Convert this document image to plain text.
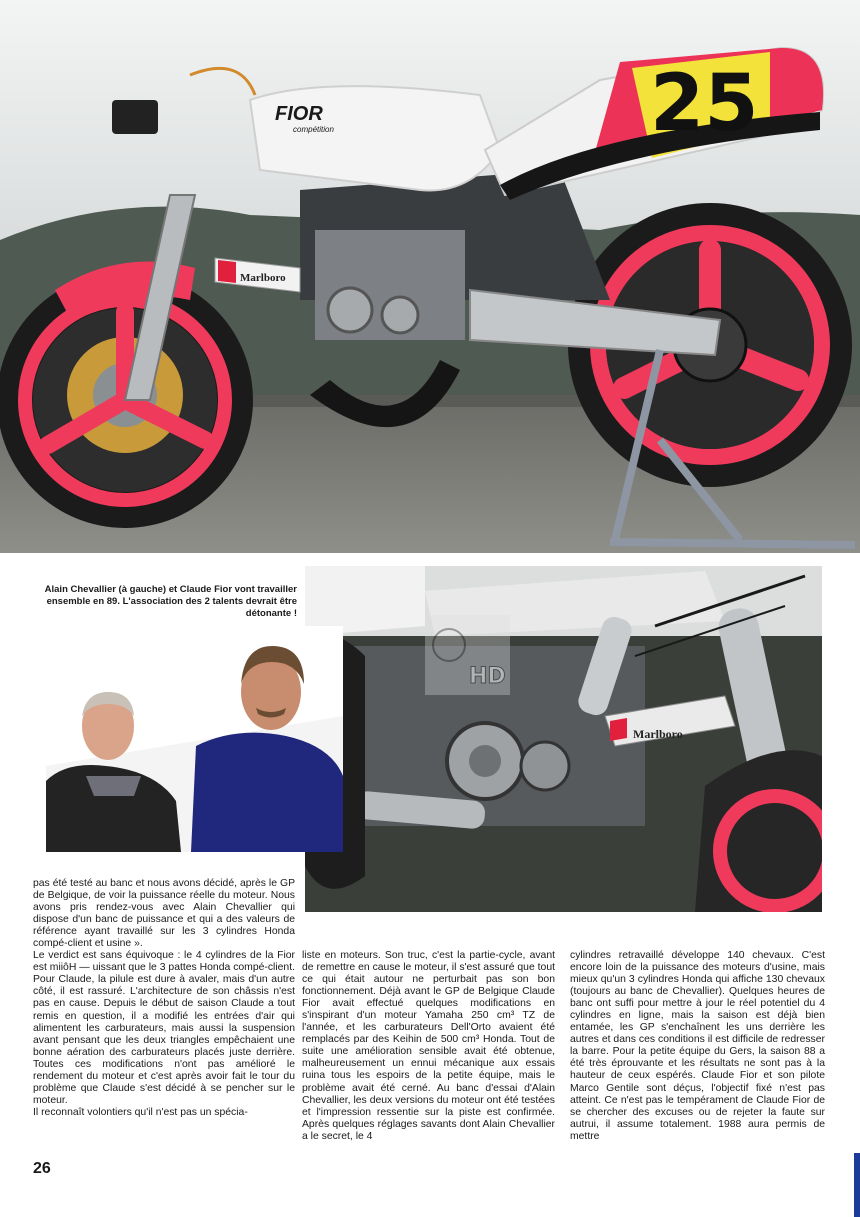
Marlboro
25
FIOR
compétition
Marlboro
HD
Alain Chevallier (à gauche) et Claude Fior vont travailler ensemble en 89. L'association des 2 talents devrait être détonante !

pas été testé au banc et nous avons décidé, après le GP de Belgique, de voir la puissance réelle du moteur. Nous avons pris rendez-vous avec Alain Chevallier qui dispose d'un banc de puissance et qui a des valeurs de référence ayant travaillé sur les 3 cylindres Honda compé-client et usine ».

Le verdict est sans équivoque : le 4 cylindres de la Fior est miiôH — uissant que le 3 pattes Honda compé-client. Pour Claude, la pilule est dure à avaler, mais d'un autre côté, il est rassuré. L'architecture de son châssis n'est pas en cause. Depuis le début de saison Claude a tout remis en question, il a modifié les entrées d'air qui alimentent les carburateurs, mais aussi la suspension avant pensant que les deux triangles empêchaient une bonne aération des carburateurs placés juste derrière. Toutes ces modifications n'ont pas amélioré le rendement du moteur et c'est après avoir fait le tour du problème que Claude s'est décidé à se pencher sur le moteur.

Il reconnaît volontiers qu'il n'est pas un spécia-

liste en moteurs. Son truc, c'est la partie-cycle, avant de remettre en cause le moteur, il s'est assuré que tout ce qui était autour ne perturbait pas son bon fonctionnement. Déjà avant le GP de Belgique Claude Fior avait effectué quelques modifications en s'inspirant d'un moteur Yamaha 250 cm³ TZ de l'année, et les carburateurs Dell'Orto avaient été remplacés par des Keihin de 500 cm³ Honda. Tout de suite une amélioration sensible avait été obtenue, malheureusement un ennui mécanique aux essais ruina tous les espoirs de la petite équipe, mais le problème avait été cerné. Au banc d'essai d'Alain Chevallier, les deux versions du moteur ont été testées et l'impression ressentie sur la piste est confirmée. Après quelques réglages savants dont Alain Chevallier a le secret, le 4

cylindres retravaillé développe 140 chevaux. C'est encore loin de la puissance des moteurs d'usine, mais mieux qu'un 3 cylindres Honda qui affiche 130 chevaux (toujours au banc de Chevallier). Quelques heures de banc ont suffi pour mettre à jour le réel potentiel du 4 cylindres en ligne, mais la saison est déjà bien entamée, les GP s'enchaînent les uns derrière les autres et dans ces conditions il est difficile de redresser la barre. Pour la petite équipe du Gers, la saison 88 a été très éprouvante et les résultats ne sont pas à la hauteur de ceux espérés. Claude Fior et son pilote Marco Gentile sont déçus, l'objectif fixé n'est pas atteint. Ce n'est pas le tempérament de Claude Fior de se chercher des excuses ou de rejeter la faute sur autrui, il assume totalement. 1988 aura permis de mettre

26
